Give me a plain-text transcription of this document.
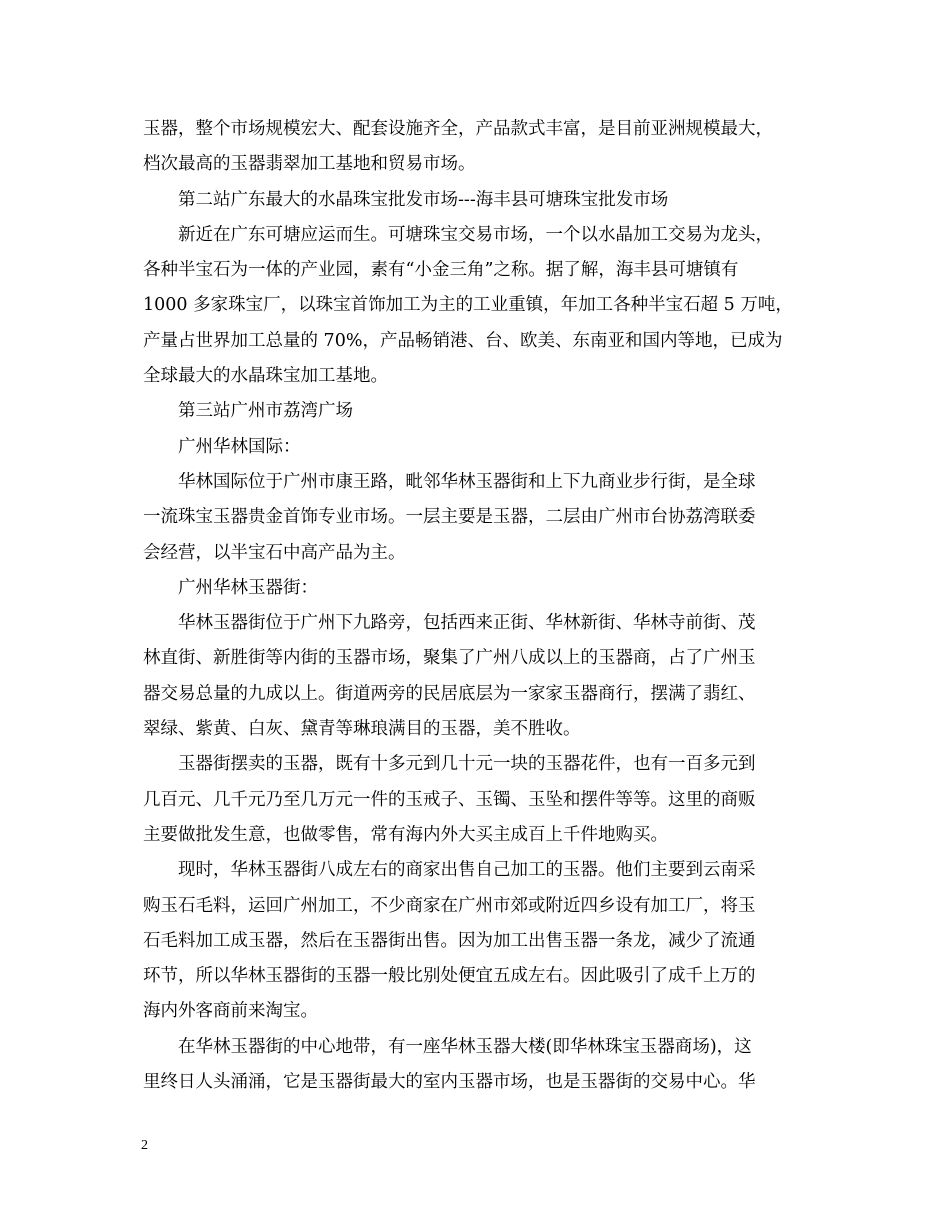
玉器，整个市场规模宏大、配套设施齐全，产品款式丰富，是目前亚洲规模最大，
档次最高的玉器翡翠加工基地和贸易市场。
第二站广东最大的水晶珠宝批发市场---海丰县可塘珠宝批发市场
新近在广东可塘应运而生。可塘珠宝交易市场，一个以水晶加工交易为龙头，
各种半宝石为一体的产业园，素有“小金三角”之称。据了解，海丰县可塘镇有
1000 多家珠宝厂，以珠宝首饰加工为主的工业重镇，年加工各种半宝石超 5 万吨，
产量占世界加工总量的 70%，产品畅销港、台、欧美、东南亚和国内等地，已成为
全球最大的水晶珠宝加工基地。
第三站广州市荔湾广场
广州华林国际：
华林国际位于广州市康王路，毗邻华林玉器街和上下九商业步行街，是全球
一流珠宝玉器贵金首饰专业市场。一层主要是玉器，二层由广州市台协荔湾联委
会经营，以半宝石中高产品为主。
广州华林玉器街：
华林玉器街位于广州下九路旁，包括西来正街、华林新街、华林寺前街、茂
林直街、新胜街等内街的玉器市场，聚集了广州八成以上的玉器商，占了广州玉
器交易总量的九成以上。街道两旁的民居底层为一家家玉器商行，摆满了翡红、
翠绿、紫黄、白灰、黛青等琳琅满目的玉器，美不胜收。
玉器街摆卖的玉器，既有十多元到几十元一块的玉器花件，也有一百多元到
几百元、几千元乃至几万元一件的玉戒子、玉镯、玉坠和摆件等等。这里的商贩
主要做批发生意，也做零售，常有海内外大买主成百上千件地购买。
现时，华林玉器街八成左右的商家出售自己加工的玉器。他们主要到云南采
购玉石毛料，运回广州加工，不少商家在广州市郊或附近四乡设有加工厂，将玉
石毛料加工成玉器，然后在玉器街出售。因为加工出售玉器一条龙，减少了流通
环节，所以华林玉器街的玉器一般比别处便宜五成左右。因此吸引了成千上万的
海内外客商前来淘宝。
在华林玉器街的中心地带，有一座华林玉器大楼(即华林珠宝玉器商场)，这
里终日人头涌涌，它是玉器街最大的室内玉器市场，也是玉器街的交易中心。华
2
